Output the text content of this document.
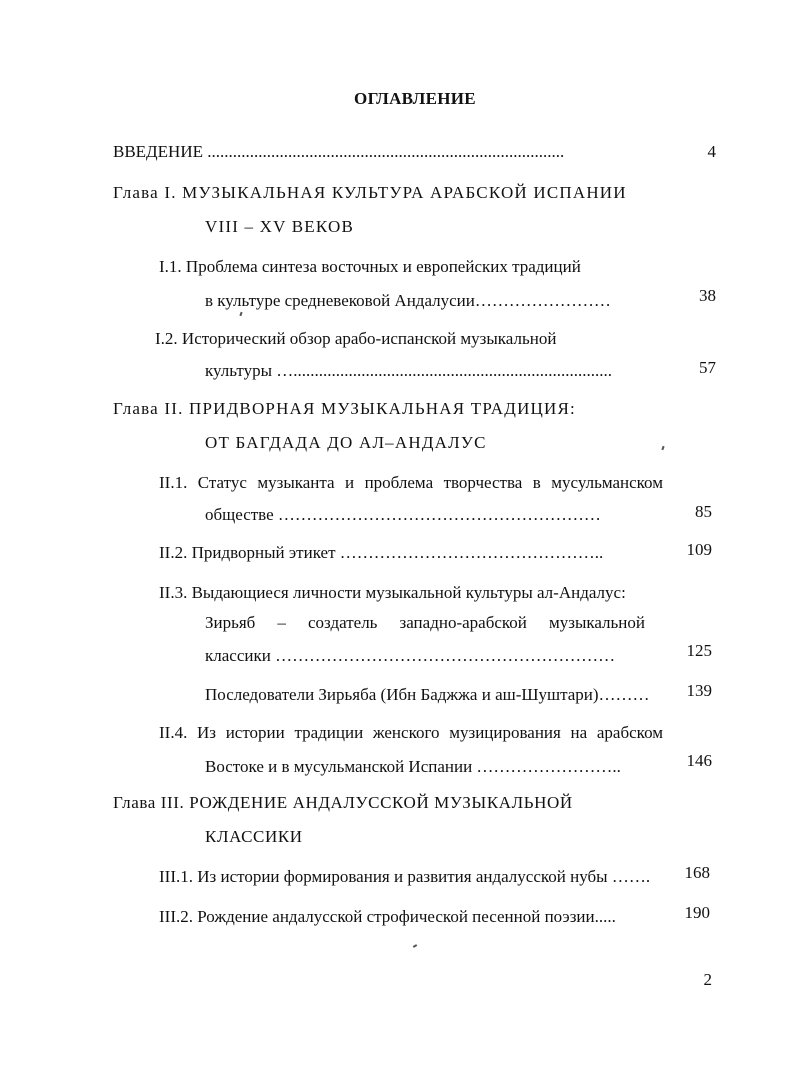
ОГЛАВЛЕНИЕ
ВВЕДЕНИЕ ....................................................................................	4
Глава I. МУЗЫКАЛЬНАЯ КУЛЬТУРА АРАБСКОЙ ИСПАНИИ
VIII – XV ВЕКОВ
I.1. Проблема синтеза восточных и европейских традиций
в культуре средневековой Андалусии……………………	38
I.2. Исторический обзор арабо-испанской музыкальной
культуры …...........................................................................	57
Глава II. ПРИДВОРНАЯ МУЗЫКАЛЬНАЯ ТРАДИЦИЯ:
ОТ БАГДАДА ДО АЛ–АНДАЛУС
II.1. Статус музыканта и проблема творчества в мусульманском
обществе …………………………………………………	85
II.2. Придворный этикет ………………………………………..	109
II.3. Выдающиеся личности музыкальной культуры ал-Андалус:
Зирьяб – создатель западно-арабской музыкальной
классики ……………………………………………………	125
Последователи Зирьяба (Ибн Баджжа и аш-Шуштари)………	139
II.4. Из истории традиции женского музицирования на арабском
Востоке и в мусульманской Испании ……………………..	146
Глава III. РОЖДЕНИЕ АНДАЛУССКОЙ МУЗЫКАЛЬНОЙ
КЛАССИКИ
III.1. Из истории формирования и развития андалусской нубы …….	168
III.2. Рождение андалусской строфической песенной поэзии.....	190
2
